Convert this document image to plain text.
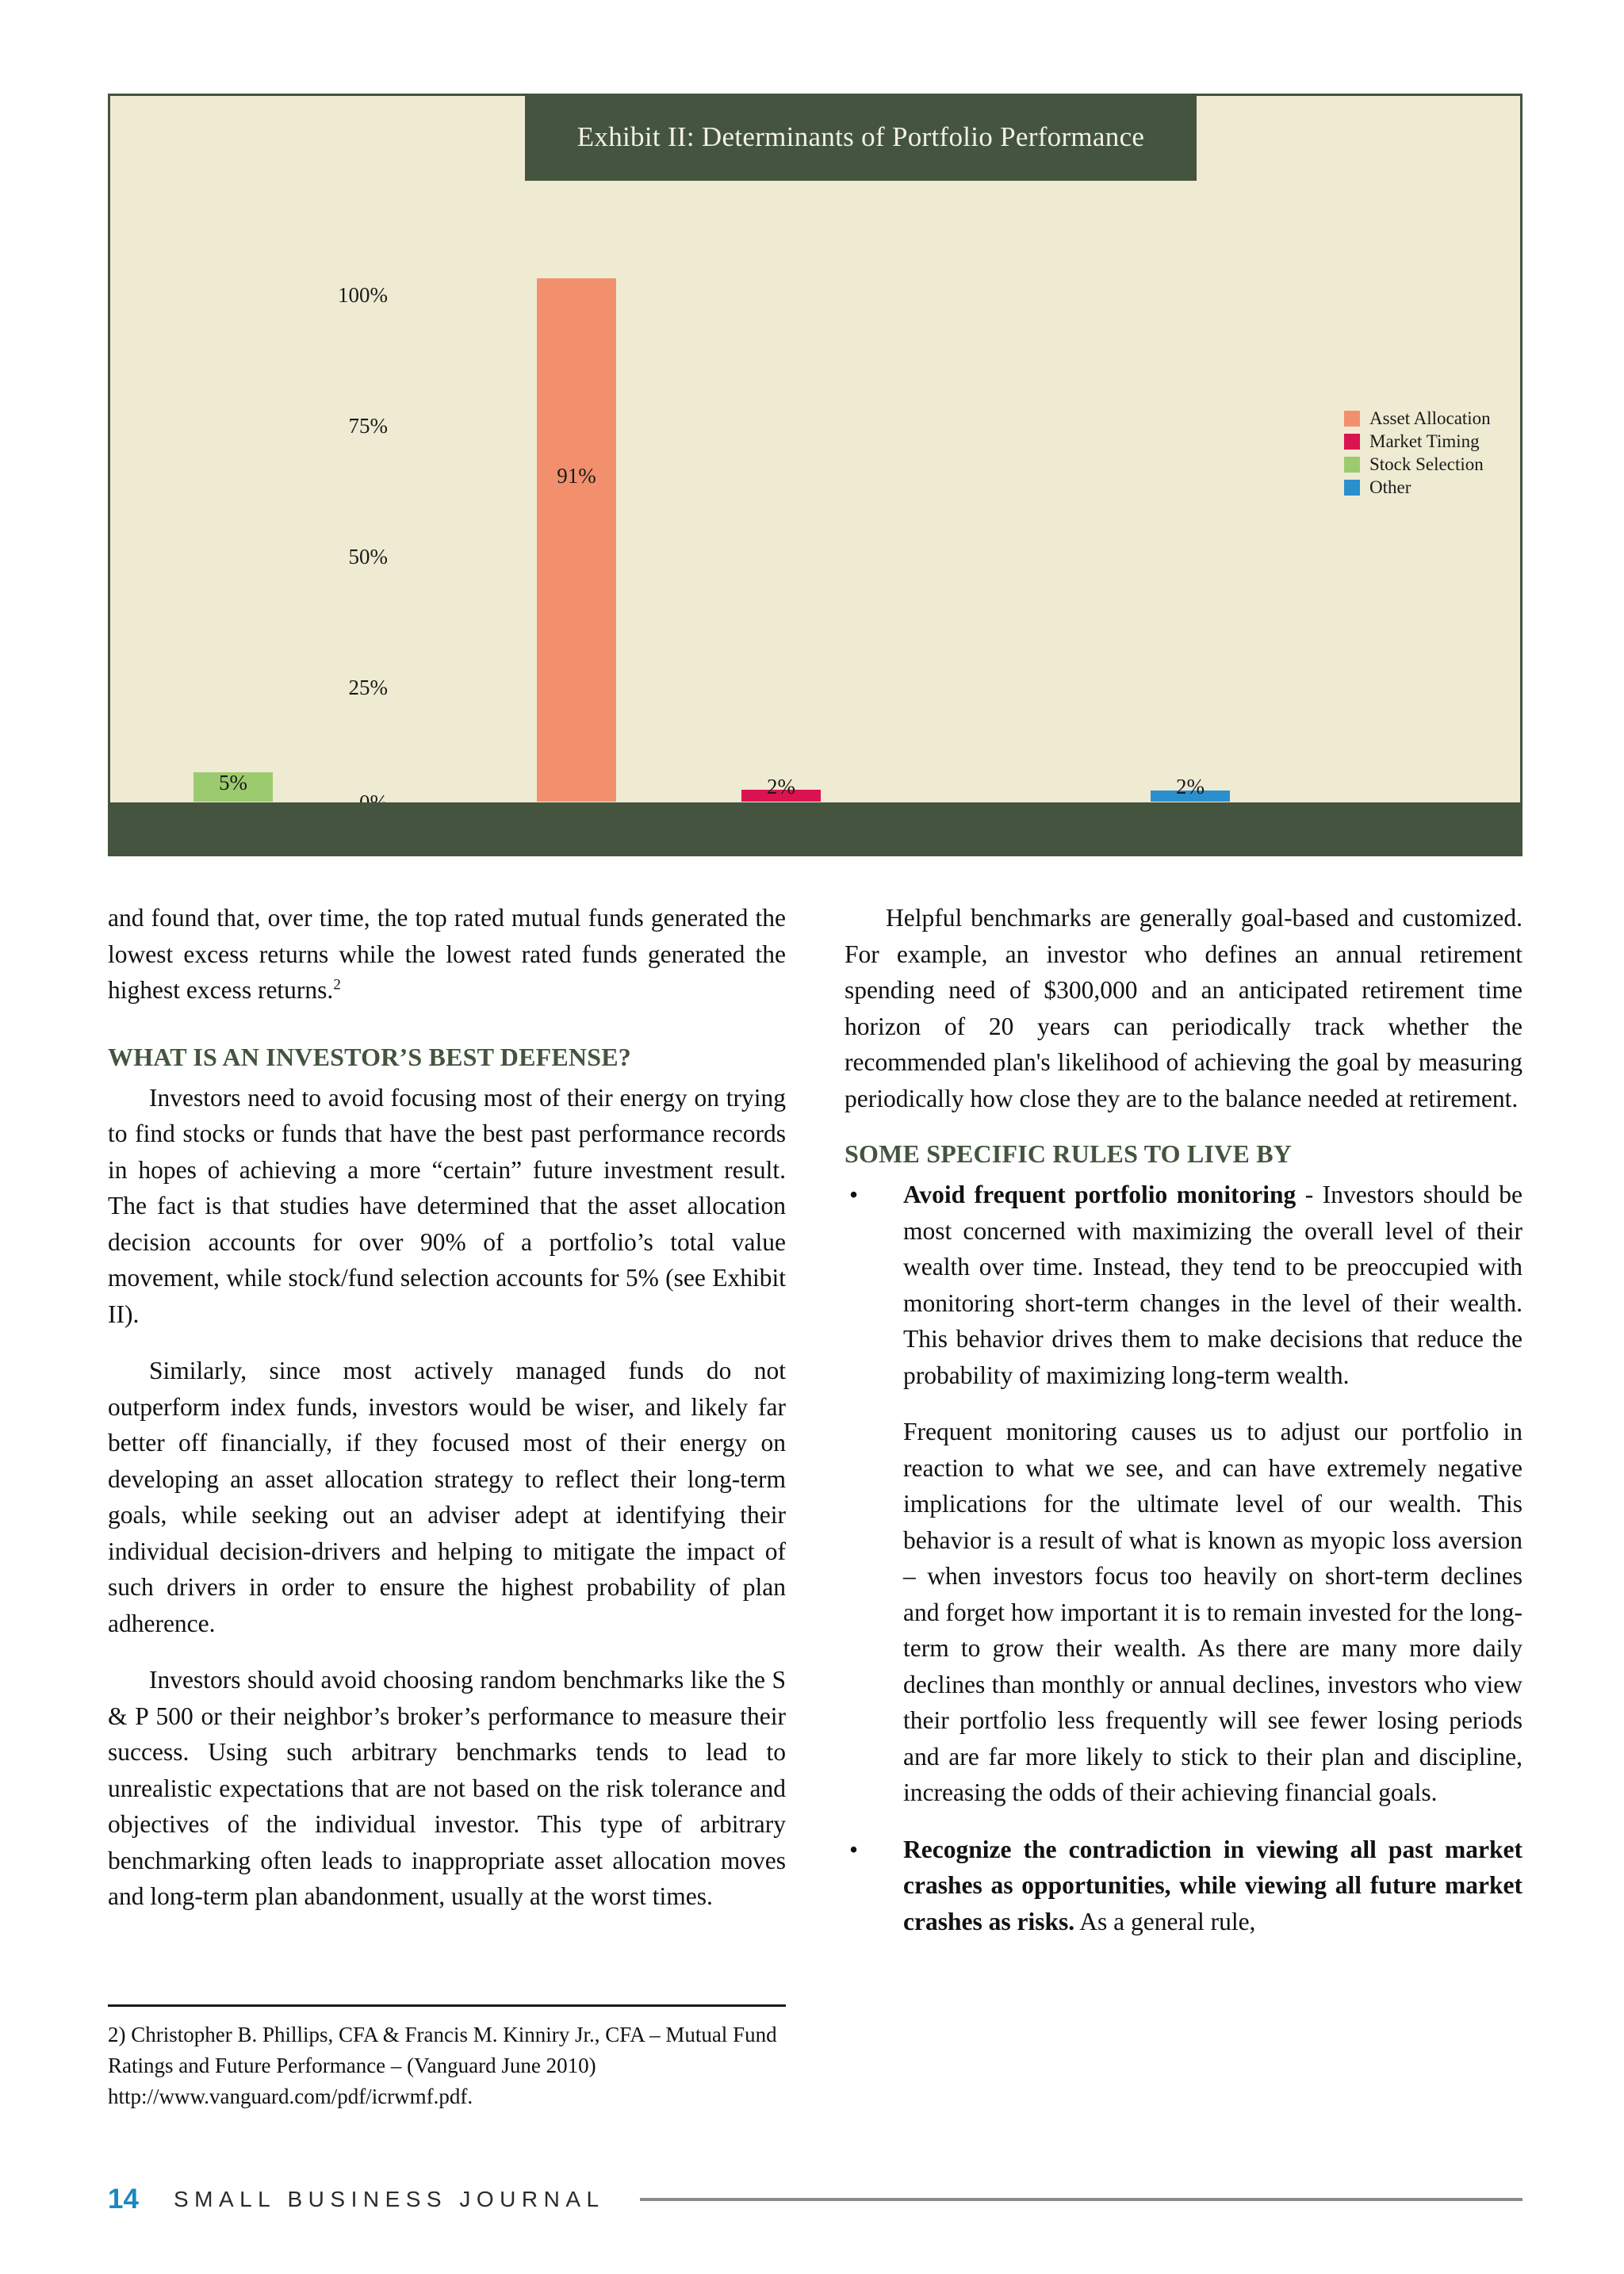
100%
75%
50%
25%
91%
2%
5%	2%
Asset Allocation
Market Timing
Stock Selection
Other
Exhibit II: Determinants of Portfolio Performance

and found that, over time, the top rated mutual funds generated the lowest excess returns while the lowest rated funds generated the highest excess returns.$^2$

WHAT IS AN INVESTOR’S BEST DEFENSE?

Investors need to avoid focusing most of their energy on trying to find stocks or funds that have the best past performance records in hopes of achieving a more “certain” future investment result. The fact is that studies have determined that the asset allocation decision accounts for over 90% of a portfolio’s total value movement, while stock/fund selection accounts for 5% (see Exhibit II).

Similarly, since most actively managed funds do not outperform index funds, investors would be wiser, and likely far better off financially, if they focused most of their energy on developing an asset allocation strategy to reflect their long-term goals, while seeking out an adviser adept at identifying their individual decision-drivers and helping to mitigate the impact of such drivers in order to ensure the highest probability of plan adherence.

Investors should avoid choosing random benchmarks like the S & P 500 or their neighbor’s broker’s performance to measure their success. Using such arbitrary benchmarks tends to lead to unrealistic expectations that are not based on the risk tolerance and objectives of the individual investor. This type of arbitrary benchmarking often leads to inappropriate asset allocation moves and long-term plan abandonment, usually at the worst times.

Helpful benchmarks are generally goal-based and customized. For example, an investor who defines an annual retirement spending need of $300,000 and an anticipated retirement time horizon of 20 years can periodically track whether the recommended plan's likelihood of achieving the goal by measuring periodically how close they are to the balance needed at retirement.

SOME SPECIFIC RULES TO LIVE BY
• Avoid frequent portfolio monitoring - Investors should be most concerned with maximizing the overall level of their wealth over time. Instead, they tend to be preoccupied with monitoring short-term changes in the level of their wealth. This behavior drives them to make decisions that reduce the probability of maximizing long-term wealth.

Frequent monitoring causes us to adjust our portfolio in reaction to what we see, and can have extremely negative implications for the ultimate level of our wealth. This behavior is a result of what is known as myopic loss aversion – when investors focus too heavily on short-term declines and forget how important it is to remain invested for the long-term to grow their wealth. As there are many more daily declines than monthly or annual declines, investors who view their portfolio less frequently will see fewer losing periods and are far more likely to stick to their plan and discipline, increasing the odds of their achieving financial goals.

• Recognize the contradiction in viewing all past market crashes as opportunities, while viewing all future market crashes as risks. As a general rule,

2) Christopher B. Phillips, CFA & Francis M. Kinniry Jr., CFA – Mutual Fund Ratings and Future Performance – (Vanguard June 2010) http://www.vanguard.com/pdf/icrwmf.pdf.

14 SMALL BUSINESS JOURNAL
